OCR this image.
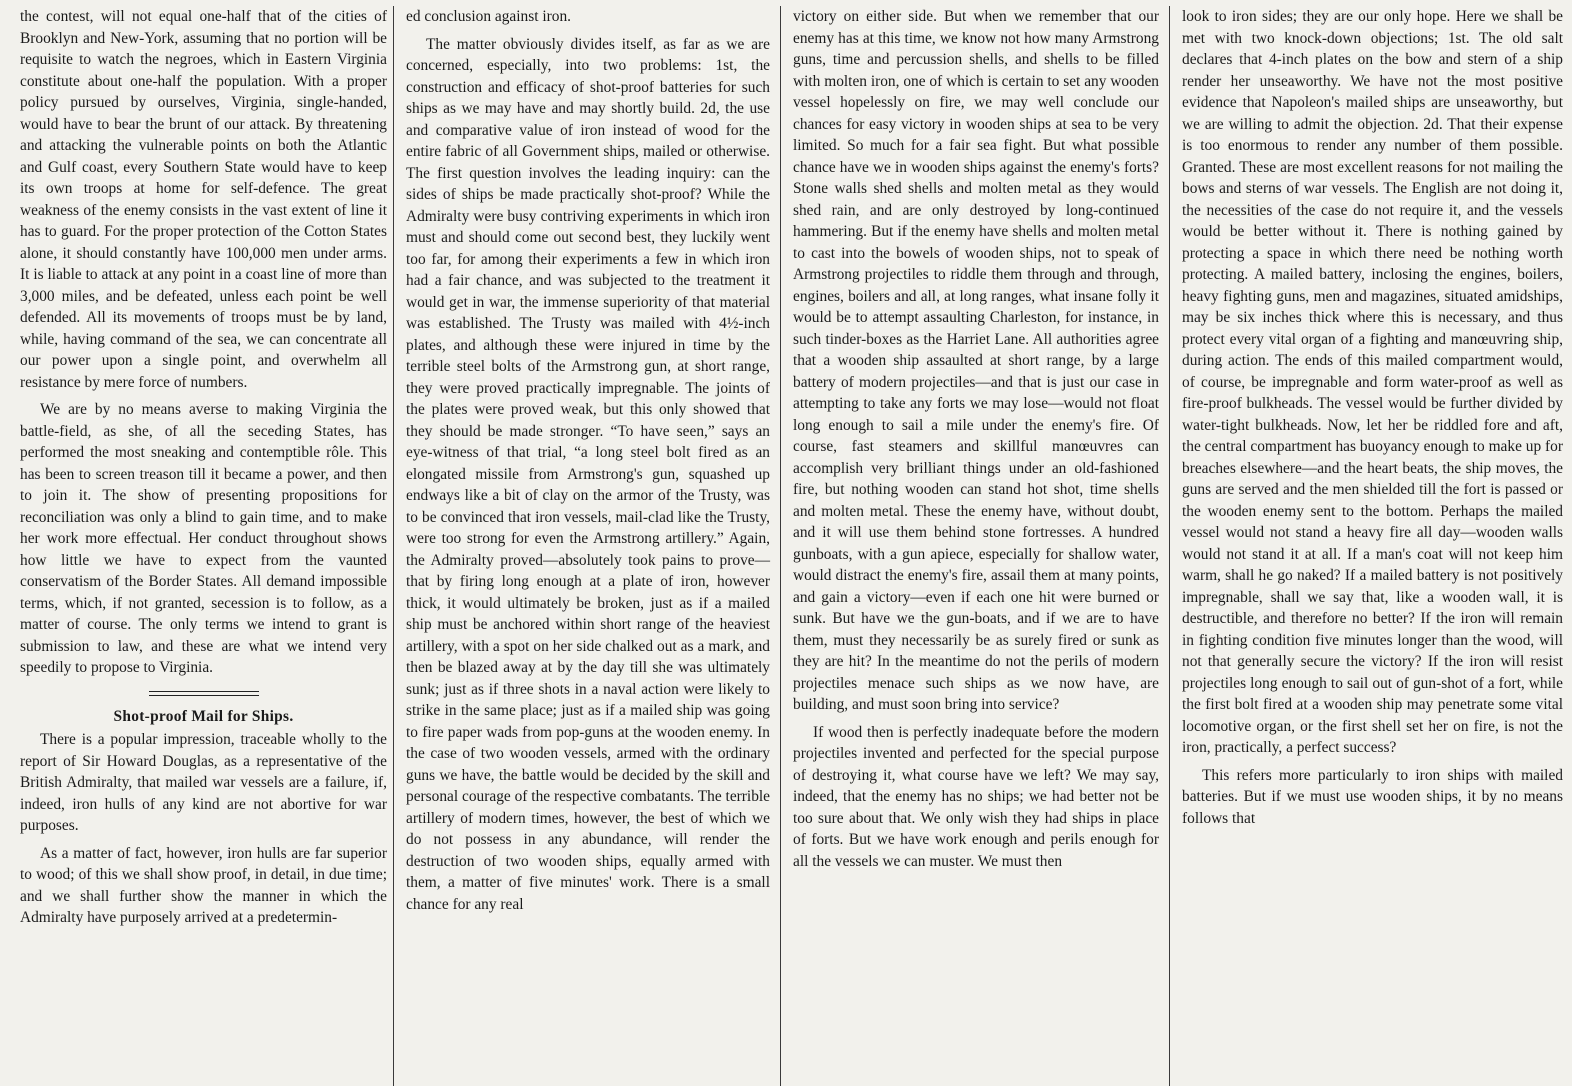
the contest, will not equal one-half that of the cities of Brooklyn and New-York, assuming that no portion will be requisite to watch the negroes, which in Eastern Virginia constitute about one-half the population. With a proper policy pursued by ourselves, Virginia, single-handed, would have to bear the brunt of our attack. By threatening and attacking the vulnerable points on both the Atlantic and Gulf coast, every Southern State would have to keep its own troops at home for self-defence. The great weakness of the enemy consists in the vast extent of line it has to guard. For the proper protection of the Cotton States alone, it should constantly have 100,000 men under arms. It is liable to attack at any point in a coast line of more than 3,000 miles, and be defeated, unless each point be well defended. All its movements of troops must be by land, while, having command of the sea, we can concentrate all our power upon a single point, and overwhelm all resistance by mere force of numbers.

We are by no means averse to making Virginia the battle-field, as she, of all the seceding States, has performed the most sneaking and contemptible rôle. This has been to screen treason till it became a power, and then to join it. The show of presenting propositions for reconciliation was only a blind to gain time, and to make her work more effectual. Her conduct throughout shows how little we have to expect from the vaunted conservatism of the Border States. All demand impossible terms, which, if not granted, secession is to follow, as a matter of course. The only terms we intend to grant is submission to law, and these are what we intend very speedily to propose to Virginia.

Shot-proof Mail for Ships.

There is a popular impression, traceable wholly to the report of Sir Howard Douglas, as a representative of the British Admiralty, that mailed war vessels are a failure, if, indeed, iron hulls of any kind are not abortive for war purposes.

As a matter of fact, however, iron hulls are far superior to wood; of this we shall show proof, in detail, in due time; and we shall further show the manner in which the Admiralty have purposely arrived at a predetermin-

ed conclusion against iron.

The matter obviously divides itself, as far as we are concerned, especially, into two problems: 1st, the construction and efficacy of shot-proof batteries for such ships as we may have and may shortly build. 2d, the use and comparative value of iron instead of wood for the entire fabric of all Government ships, mailed or otherwise. The first question involves the leading inquiry: can the sides of ships be made practically shot-proof? While the Admiralty were busy contriving experiments in which iron must and should come out second best, they luckily went too far, for among their experiments a few in which iron had a fair chance, and was subjected to the treatment it would get in war, the immense superiority of that material was established. The Trusty was mailed with 4½-inch plates, and although these were injured in time by the terrible steel bolts of the Armstrong gun, at short range, they were proved practically impregnable. The joints of the plates were proved weak, but this only showed that they should be made stronger. “To have seen,” says an eye-witness of that trial, “a long steel bolt fired as an elongated missile from Armstrong's gun, squashed up endways like a bit of clay on the armor of the Trusty, was to be convinced that iron vessels, mail-clad like the Trusty, were too strong for even the Armstrong artillery.” Again, the Admiralty proved—absolutely took pains to prove—that by firing long enough at a plate of iron, however thick, it would ultimately be broken, just as if a mailed ship must be anchored within short range of the heaviest artillery, with a spot on her side chalked out as a mark, and then be blazed away at by the day till she was ultimately sunk; just as if three shots in a naval action were likely to strike in the same place; just as if a mailed ship was going to fire paper wads from pop-guns at the wooden enemy. In the case of two wooden vessels, armed with the ordinary guns we have, the battle would be decided by the skill and personal courage of the respective combatants. The terrible artillery of modern times, however, the best of which we do not possess in any abundance, will render the destruction of two wooden ships, equally armed with them, a matter of five minutes' work. There is a small chance for any real

victory on either side. But when we remember that our enemy has at this time, we know not how many Armstrong guns, time and percussion shells, and shells to be filled with molten iron, one of which is certain to set any wooden vessel hopelessly on fire, we may well conclude our chances for easy victory in wooden ships at sea to be very limited. So much for a fair sea fight. But what possible chance have we in wooden ships against the enemy's forts? Stone walls shed shells and molten metal as they would shed rain, and are only destroyed by long-continued hammering. But if the enemy have shells and molten metal to cast into the bowels of wooden ships, not to speak of Armstrong projectiles to riddle them through and through, engines, boilers and all, at long ranges, what insane folly it would be to attempt assaulting Charleston, for instance, in such tinder-boxes as the Harriet Lane. All authorities agree that a wooden ship assaulted at short range, by a large battery of modern projectiles—and that is just our case in attempting to take any forts we may lose—would not float long enough to sail a mile under the enemy's fire. Of course, fast steamers and skillful manœuvres can accomplish very brilliant things under an old-fashioned fire, but nothing wooden can stand hot shot, time shells and molten metal. These the enemy have, without doubt, and it will use them behind stone fortresses. A hundred gunboats, with a gun apiece, especially for shallow water, would distract the enemy's fire, assail them at many points, and gain a victory—even if each one hit were burned or sunk. But have we the gun-boats, and if we are to have them, must they necessarily be as surely fired or sunk as they are hit? In the meantime do not the perils of modern projectiles menace such ships as we now have, are building, and must soon bring into service?

If wood then is perfectly inadequate before the modern projectiles invented and perfected for the special purpose of destroying it, what course have we left? We may say, indeed, that the enemy has no ships; we had better not be too sure about that. We only wish they had ships in place of forts. But we have work enough and perils enough for all the vessels we can muster. We must then

look to iron sides; they are our only hope. Here we shall be met with two knock-down objections; 1st. The old salt declares that 4-inch plates on the bow and stern of a ship render her unseaworthy. We have not the most positive evidence that Napoleon's mailed ships are unseaworthy, but we are willing to admit the objection. 2d. That their expense is too enormous to render any number of them possible. Granted. These are most excellent reasons for not mailing the bows and sterns of war vessels. The English are not doing it, the necessities of the case do not require it, and the vessels would be better without it. There is nothing gained by protecting a space in which there need be nothing worth protecting. A mailed battery, inclosing the engines, boilers, heavy fighting guns, men and magazines, situated amidships, may be six inches thick where this is necessary, and thus protect every vital organ of a fighting and manœuvring ship, during action. The ends of this mailed compartment would, of course, be impregnable and form water-proof as well as fire-proof bulkheads. The vessel would be further divided by water-tight bulkheads. Now, let her be riddled fore and aft, the central compartment has buoyancy enough to make up for breaches elsewhere—and the heart beats, the ship moves, the guns are served and the men shielded till the fort is passed or the wooden enemy sent to the bottom. Perhaps the mailed vessel would not stand a heavy fire all day—wooden walls would not stand it at all. If a man's coat will not keep him warm, shall he go naked? If a mailed battery is not positively impregnable, shall we say that, like a wooden wall, it is destructible, and therefore no better? If the iron will remain in fighting condition five minutes longer than the wood, will not that generally secure the victory? If the iron will resist projectiles long enough to sail out of gun-shot of a fort, while the first bolt fired at a wooden ship may penetrate some vital locomotive organ, or the first shell set her on fire, is not the iron, practically, a perfect success?

This refers more particularly to iron ships with mailed batteries. But if we must use wooden ships, it by no means follows that
